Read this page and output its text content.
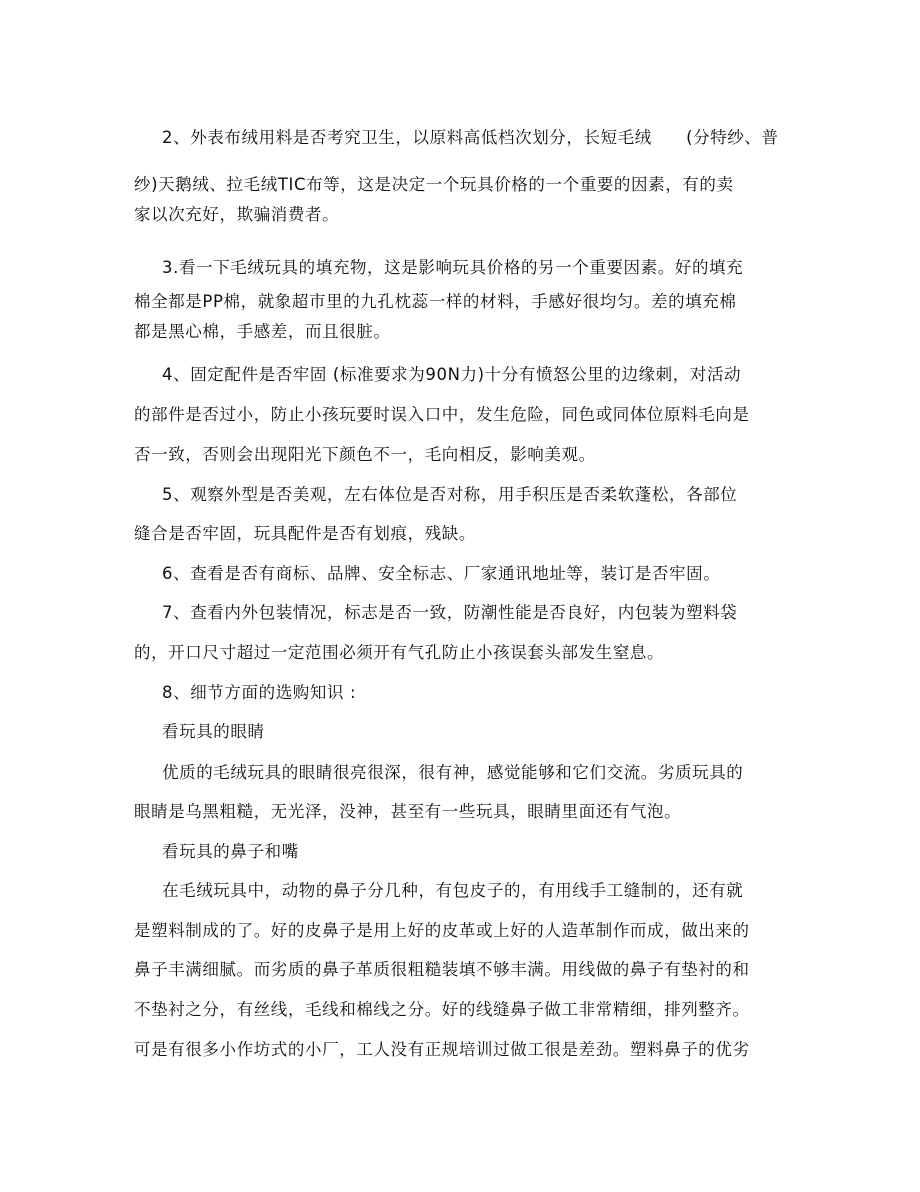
2、外表布绒用料是否考究卫生，以原料高低档次划分，长短毛绒　　(分特纱、普
纱)天鹅绒、拉毛绒TIC布等，这是决定一个玩具价格的一个重要的因素，有的卖
家以次充好，欺骗消费者。
3.看一下毛绒玩具的填充物，这是影响玩具价格的另一个重要因素。好的填充
棉全都是PP棉，就象超市里的九孔枕蕊一样的材料，手感好很均匀。差的填充棉
都是黑心棉，手感差，而且很脏。
4、固定配件是否牢固 (标准要求为90N力)十分有愤怒公里的边缘刺，对活动
的部件是否过小，防止小孩玩要时误入口中，发生危险，同色或同体位原料毛向是
否一致，否则会出现阳光下颜色不一，毛向相反，影响美观。
5、观察外型是否美观，左右体位是否对称，用手积压是否柔软蓬松，各部位
缝合是否牢固，玩具配件是否有划痕，残缺。
6、查看是否有商标、品牌、安全标志、厂家通讯地址等，装订是否牢固。
7、查看内外包装情况，标志是否一致，防潮性能是否良好，内包装为塑料袋
的，开口尺寸超过一定范围必须开有气孔防止小孩误套头部发生窒息。
8、细节方面的选购知识 :
看玩具的眼睛
优质的毛绒玩具的眼睛很亮很深，很有神，感觉能够和它们交流。劣质玩具的
眼睛是乌黑粗糙，无光泽，没神，甚至有一些玩具，眼睛里面还有气泡。
看玩具的鼻子和嘴
在毛绒玩具中，动物的鼻子分几种，有包皮子的，有用线手工缝制的，还有就
是塑料制成的了。好的皮鼻子是用上好的皮革或上好的人造革制作而成，做出来的
鼻子丰满细腻。而劣质的鼻子革质很粗糙装填不够丰满。用线做的鼻子有垫衬的和
不垫衬之分，有丝线，毛线和棉线之分。好的线缝鼻子做工非常精细，排列整齐。
可是有很多小作坊式的小厂，工人没有正规培训过做工很是差劲。塑料鼻子的优劣
